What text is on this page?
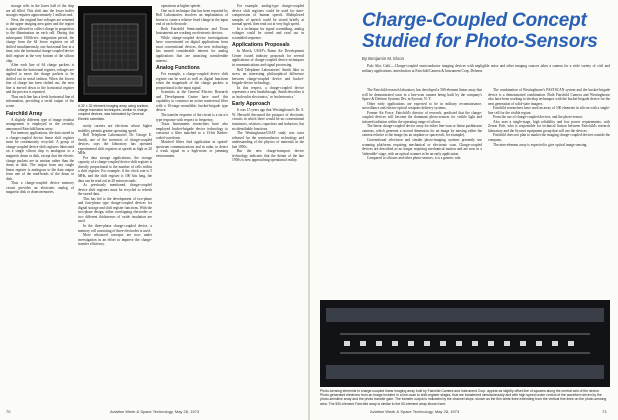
storage cells in the lower half of the chip are all filled. This shift into the lower buffer storages requires approximately 1 millisecond.

Next, the original line voltages are returned to the upper imaging area gates and the region is again allowed to collect charge in proportion to the illumination on each cell. During this subsequent 1/60th-sec. integration period, the charge from the 64 lower registers on all shifted simultaneously, one horizontal line at a time, into the horizontal charge-coupled device shift register at the very bottom of the silicon chip.

After each line of 64 charge packets is shifted into the horizontal register, voltages are applied to move the charge packets to be shifted out in serial fashion. When the lowest line of charge has been shifted out, the next line is moved down to the horizontal register and the process is repeated.

Thus each line has a fresh horizontal line of information, providing a serial output of the scene.

Fairchild Array

A slightly different type of image readout arrangement is employed in the recently announced Fairchild linear array.

For memory applications, the data stored in a charge-coupled device linear shift register must be continuously recycled. A group of charge-coupled device shift registers fabricated on a single silicon chip is analogous to a magnetic drum or disk, except that the electric charge packets are in motion rather than the drum or disk. The output from any single linear register is analogous to the data output from one of the read-heads of the drum or disk.

Thus a charge-coupled device memory circuit provides an electronic analog of magnetic disk or drum memories.

A 32 × 32 element imaging array using surface-charge transistor techniques, similar to charge-coupled devices, was fabricated by General Electric scientists.

nority carriers are electrons whose higher mobility permits greater operating speed.

Bell Telephone Laboratories' Dr. George E. Smith, one of the inventors of charge-coupled devices, says the laboratory has operated experimental shift registers at speeds as high as 20 MHz.

For data storage applications, the storage capacity of a charge-coupled device shift register is directly proportional to the number of cells within a shift register. For example, if the clock rate is 5 MHz, and the shift register is 100 bits long, the data can be read out in 20 microseconds.

As previously mentioned, charge-coupled device shift registers must be recycled to refresh the stored data.

This has led to the development of two-phase and four-phase type charge-coupled devices for digital storage and shift register functions. With the two-phase design, either overlapping electrodes or two different thicknesses of oxide insulation are used.

In the three-phase charge-coupled device, a memory cell consisting of three electrodes is used.

More advanced concepts are now under investigation in an effort to improve the charge-transfer efficiency.

operations at higher speeds.

One such technique that has been reported by Bell Laboratories involves an implantation of boron to create a relative fixed charge in the input end of each electrode.

Both Fairchild Semiconductor and Texas Instruments are working on electronic devices.

While charge-coupled device investigations have concentrated on digital applications from most conventional devices, the new technology has earned considerable interest for analog applications that are attracting considerable interest.

Analog Functions

For example, a charge-coupled device shift register can be used as well as digital functions when the magnitude of the charge packets is proportional to the input signal.

Scientists at the General Electric Research and Development Center have used this capability to construct an active transversal filter with a 16-stage monolithic bucket-brigade type device.

The transfer response of the circuit is a sin x/x type response with respect to frequency.

Texas Instruments researchers have also employed bucket-brigade device technology to construct a filter matched to a 13-bit Barker-coded waveform.

Matched filters find application in spread-spectrum communications and in radar, to detect a weak signal in a high-noise or jamming environment.

For example, analog-type charge-coupled device shift registers could be used for time-compression of human speech. Multiplexed samples of speech could be stored briefly at normal speed, then read out at very high speed.

In a technique for signal scrambling, analog voltages could be stored and read out in scrambled sequence.

Applications Proposals

In March, USAF's Rome Air Development Center issued industry proposals for several applications of charge-coupled device techniques in communications and signal processing.

Bell Telephone Laboratories' Smith likes to stress an interesting philosophical difference between charge-coupled device and bucket-brigade device technology.

In this respect, a charge-coupled device represents a new breakthrough. Smith describes it as 'molecular electronics,' or 'moleotronics.'

Early Approach

It was 15 years ago that Westinghouse's Dr. S. W. Herwald discussed the prospect of electronic circuits in which there would be no conventional transistors, resistors, capacitors and inductors, but no identifiable functions.

The Westinghouse/USAF study was soon released for the semiconductor technology and understanding of the physics of materials in the late 1950s.

But the new charge-transport device technology indicates that the dream of the late 1950s is now approaching operational reality.

70	Aviation Week & Space Technology, May 28, 1973
Charge-Coupled Concept
Studied for Photo-Sensors
By Benjamin M. Elson

Palo Alto, Calif.—Charge-coupled semiconductor imaging devices with negligible noise and other imaging sources takes a camera for a wide variety of civil and military applications, introduction at Fairchild Camera & Instrument Corp. Defense.

The Fairchild research laboratory has developed a 500-element linear array that will be demonstrated soon in a line-scan camera being built by the company's Space & Defense Systems Div. in Syosset, N. Y.

Other early applications are expected to be in military reconnaissance, surveillance and electro-optical weapons delivery systems.

Former Air Force, Fairchild's director of research, predicted that the charge-coupled devices will become the dominant photo-sensors for visible light and infrared radiation within the operating range of silicon.

The linear charge-coupled device array for either line-scan or linear pushbroom cameras, which generate a second dimension for an image by moving either the camera relative to the image (as an airplane or spacecraft, for example).

Conventional television and similar photo-imaging systems presently use scanning platforms requiring mechanical or electronic scan. Charge-coupled devices are described as no longer requiring mechanical motion and are now in a 'tinkerable' stage, with an optical scanner to be an early application.

Compared to silicons and other photo-sensors, it is a generic rule.

The combination of Westinghouse's FASTSCAN system and the bucket-brigade device is a demonstrated combination. Both Fairchild Camera and Westinghouse also have been working to develop techniques with the bucket-brigade device for the next generation of solid-state imagers.

Fairchild researchers have used an array of 100 elements in silicon with a single-line cell for the visible region.

From the use of charge-coupled devices, and the photo-sensor.

Also uses a single-stage, high reliability and low power requirements, with Zenon Pole, who is responsible for technical liaison between Fairchild's research laboratory and the Syosset equipment group that will use the devices.

Fairchild does not plan to market the imaging charge-coupled devices outside the company.

The nine-element array is expected to give optical image sensing.

Aviation Week & Space Technology, May 28, 1973	73
Photo-sensing elements in charge-coupled linear imaging array built by Fairchild Camera and Instrument Corp. appear as slightly offset line of squares along the central axis of the device. Photo-generated electrons from an image incident in a line-scan to shift-register stages, that are transferred simultaneously and with high speed under control of the waveform driven by the photo-sensitive array and the photo transfer gate. The transfer output is indicated by the channel stops, shown as the thin white lines extending from the vertical fine lines on the photo-sensing area. The 500-element Fairchild array is similar to the 60-element array shown here.
